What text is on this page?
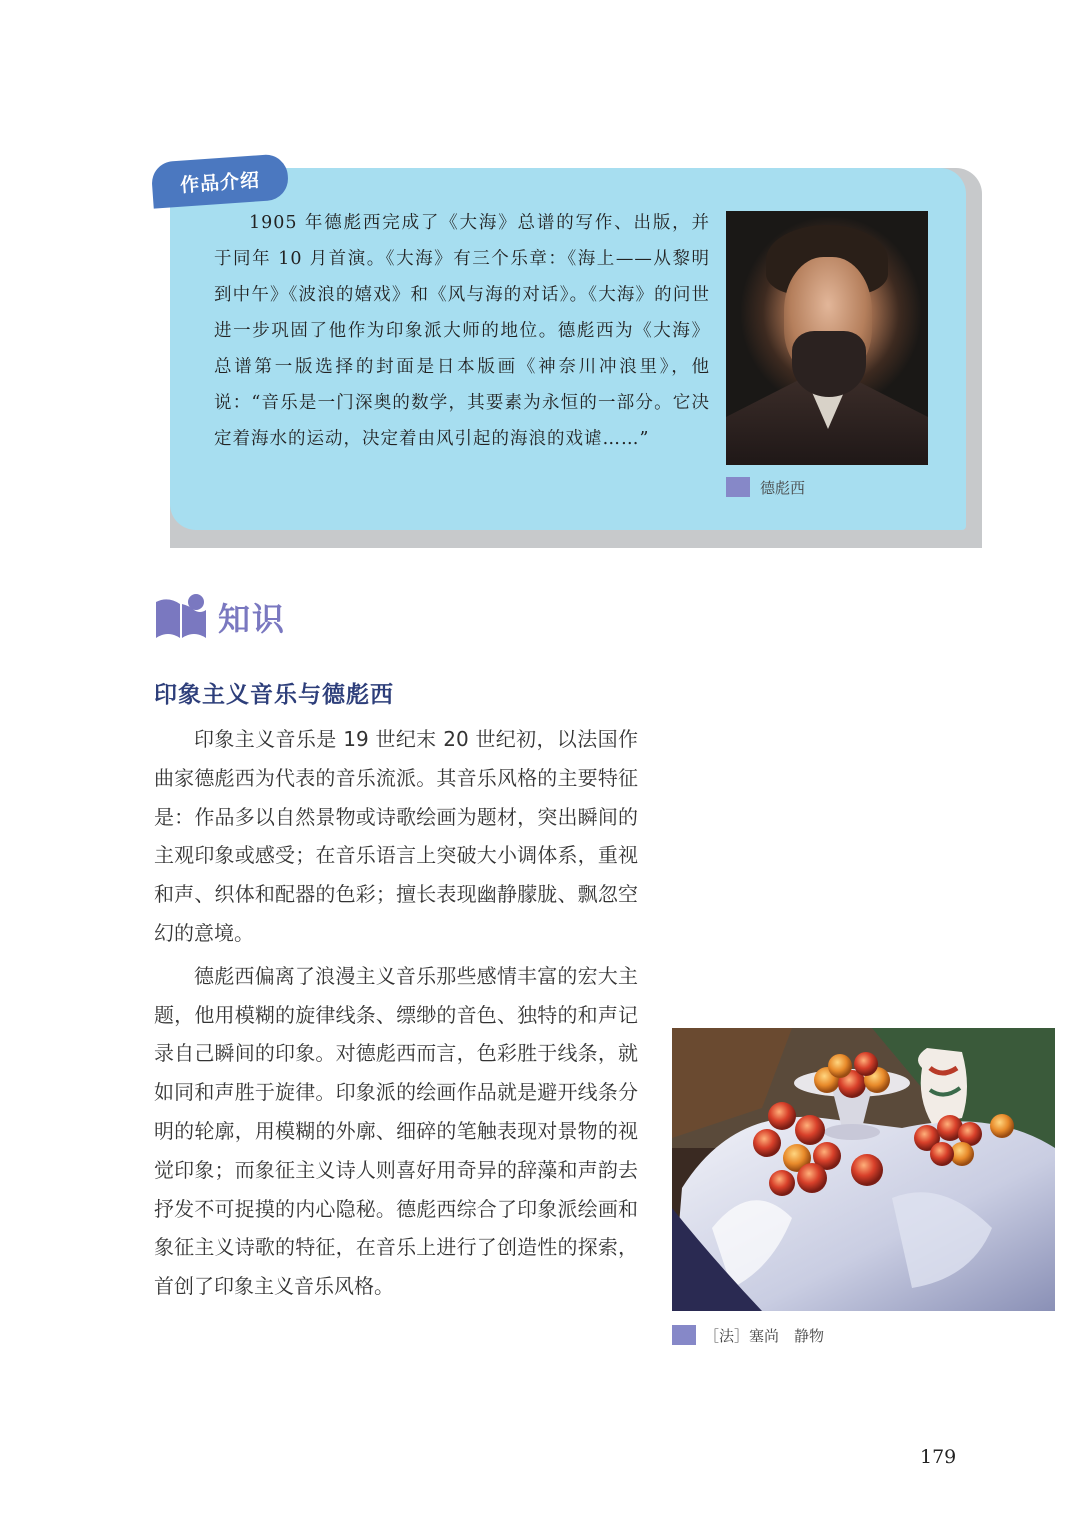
作品介绍
1905 年德彪西完成了《大海》总谱的写作、出版，并于同年 10 月首演。《大海》有三个乐章：《海上——从黎明到中午》《波浪的嬉戏》和《风与海的对话》。《大海》的问世进一步巩固了他作为印象派大师的地位。德彪西为《大海》总谱第一版选择的封面是日本版画《神奈川冲浪里》，他说：“音乐是一门深奥的数学，其要素为永恒的一部分。它决定着海水的运动，决定着由风引起的海浪的戏谑……”
德彪西
知识
印象主义音乐与德彪西

印象主义音乐是 19 世纪末 20 世纪初，以法国作曲家德彪西为代表的音乐流派。其音乐风格的主要特征是：作品多以自然景物或诗歌绘画为题材，突出瞬间的主观印象或感受；在音乐语言上突破大小调体系，重视和声、织体和配器的色彩；擅长表现幽静朦胧、飘忽空幻的意境。

德彪西偏离了浪漫主义音乐那些感情丰富的宏大主题，他用模糊的旋律线条、缥缈的音色、独特的和声记录自己瞬间的印象。对德彪西而言，色彩胜于线条，就如同和声胜于旋律。印象派的绘画作品就是避开线条分明的轮廓，用模糊的外廓、细碎的笔触表现对景物的视觉印象；而象征主义诗人则喜好用奇异的辞藻和声韵去抒发不可捉摸的内心隐秘。德彪西综合了印象派绘画和象征主义诗歌的特征，在音乐上进行了创造性的探索，首创了印象主义音乐风格。

［法］塞尚　静物
179
